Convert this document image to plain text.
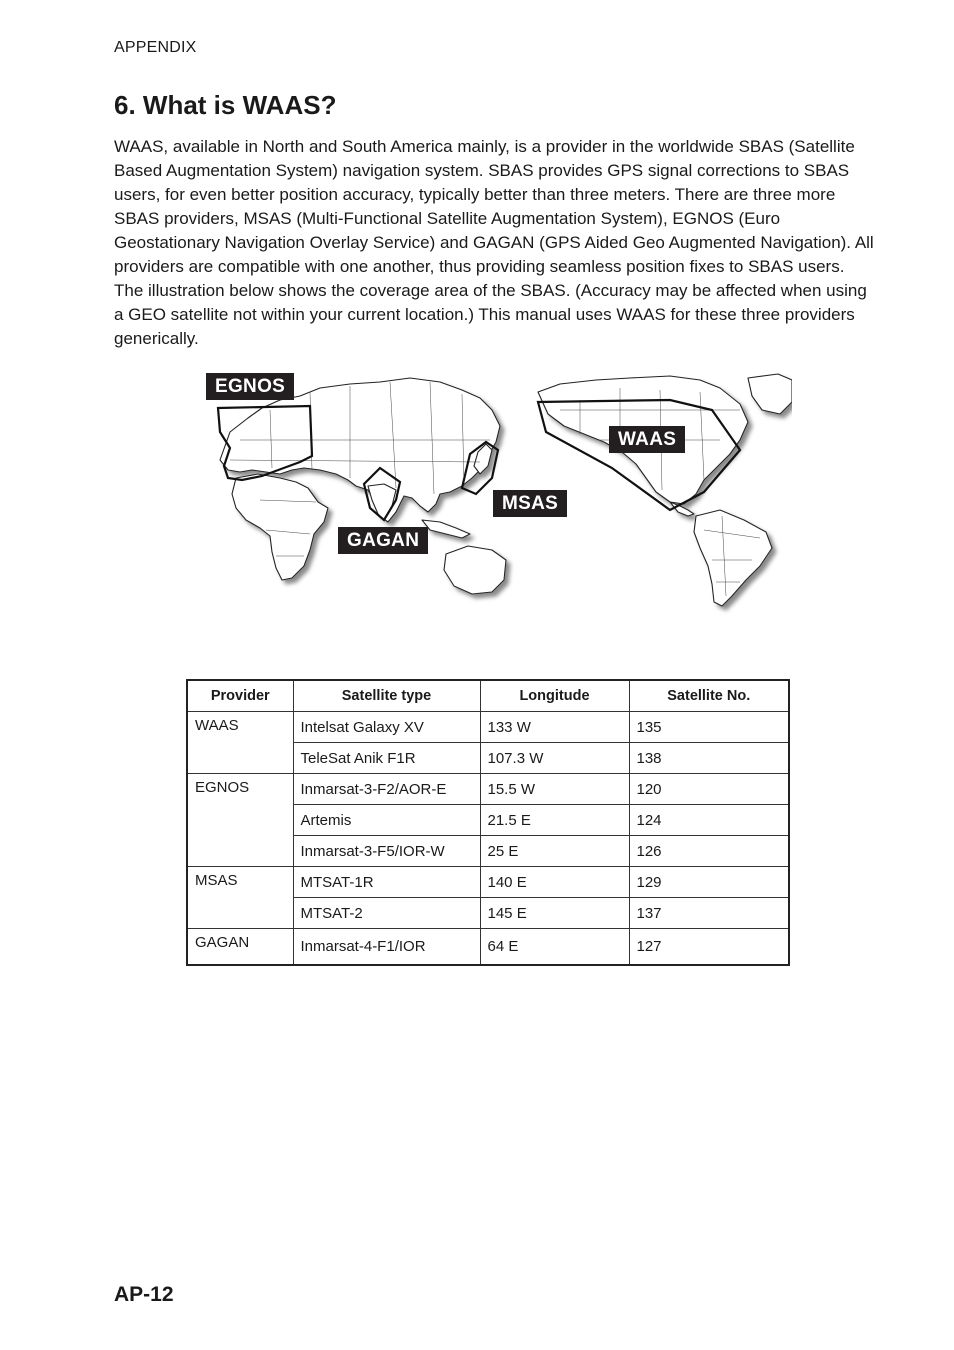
APPENDIX
6. What is WAAS?

WAAS, available in North and South America mainly, is a provider in the worldwide SBAS (Satellite Based Augmentation System) navigation system. SBAS provides GPS signal corrections to SBAS users, for even better position accuracy, typically better than three meters. There are three more SBAS providers, MSAS (Multi-Functional Satellite Augmentation System), EGNOS (Euro Geostationary Navigation Overlay Service) and GAGAN (GPS Aided Geo Augmented Navigation). All providers are compatible with one another, thus providing seamless position fixes to SBAS users. The illustration below shows the coverage area of the SBAS. (Accuracy may be affected when using a GEO satellite not within your current location.) This manual uses WAAS for these three providers generically.

EGNOS
WAAS
MSAS
GAGAN
Provider	Satellite type	Longitude	Satellite No.
WAAS	Intelsat Galaxy XV	133 W	135
	TeleSat Anik F1R	107.3 W	138
EGNOS	Inmarsat-3-F2/AOR-E	15.5 W	120
	Artemis	21.5 E	124
	Inmarsat-3-F5/IOR-W	25 E	126
MSAS	MTSAT-1R	140 E	129
	MTSAT-2	145 E	137
GAGAN	Inmarsat-4-F1/IOR	64 E	127
AP-12
